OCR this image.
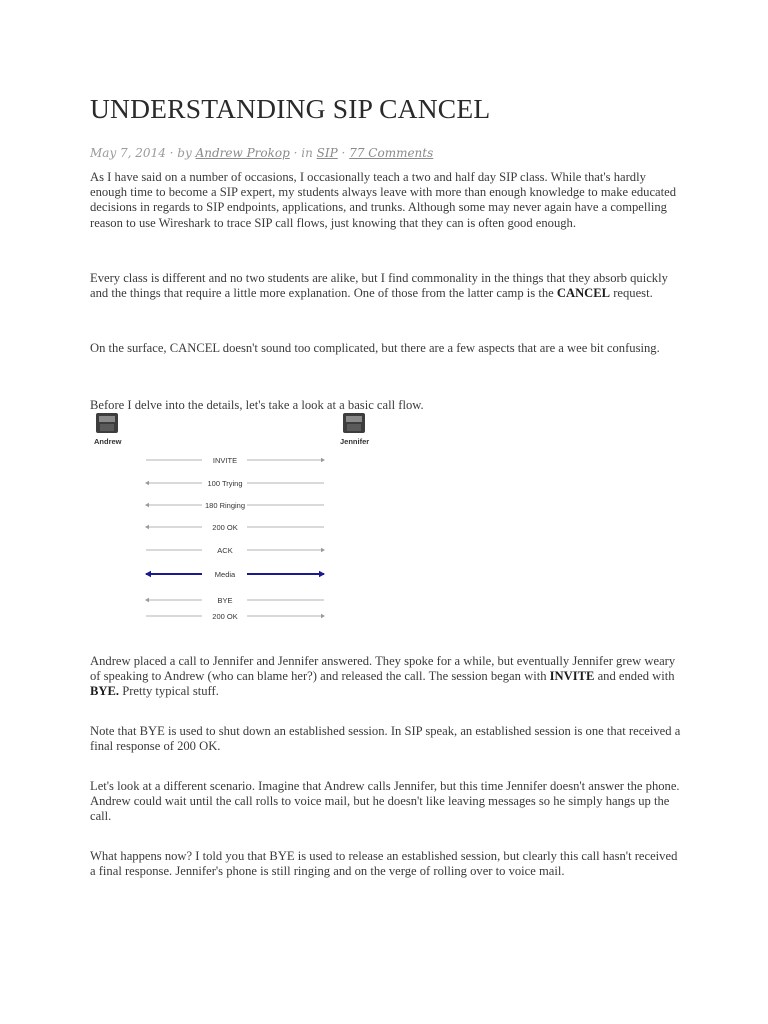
UNDERSTANDING SIP CANCEL
May 7, 2014 · by Andrew Prokop · in SIP · 77 Comments

As I have said on a number of occasions, I occasionally teach a two and half day SIP class. While that's hardly enough time to become a SIP expert, my students always leave with more than enough knowledge to make educated decisions in regards to SIP endpoints, applications, and trunks. Although some may never again have a compelling reason to use Wireshark to trace SIP call flows, just knowing that they can is often good enough.

Every class is different and no two students are alike, but I find commonality in the things that they absorb quickly and the things that require a little more explanation. One of those from the latter camp is the CANCEL request.

On the surface, CANCEL doesn't sound too complicated, but there are a few aspects that are a wee bit confusing.

Before I delve into the details, let's take a look at a basic call flow.

Andrew placed a call to Jennifer and Jennifer answered. They spoke for a while, but eventually Jennifer grew weary of speaking to Andrew (who can blame her?) and released the call. The session began with INVITE and ended with BYE. Pretty typical stuff.

Note that BYE is used to shut down an established session. In SIP speak, an established session is one that received a final response of 200 OK.

Let's look at a different scenario. Imagine that Andrew calls Jennifer, but this time Jennifer doesn't answer the phone. Andrew could wait until the call rolls to voice mail, but he doesn't like leaving messages so he simply hangs up the call.

What happens now? I told you that BYE is used to release an established session, but clearly this call hasn't received a final response. Jennifer's phone is still ringing and on the verge of rolling over to voice mail.

Andrew	Jennifer
INVITE
100 Trying
180 Ringing
200 OK
ACK
Media
BYE
200 OK
